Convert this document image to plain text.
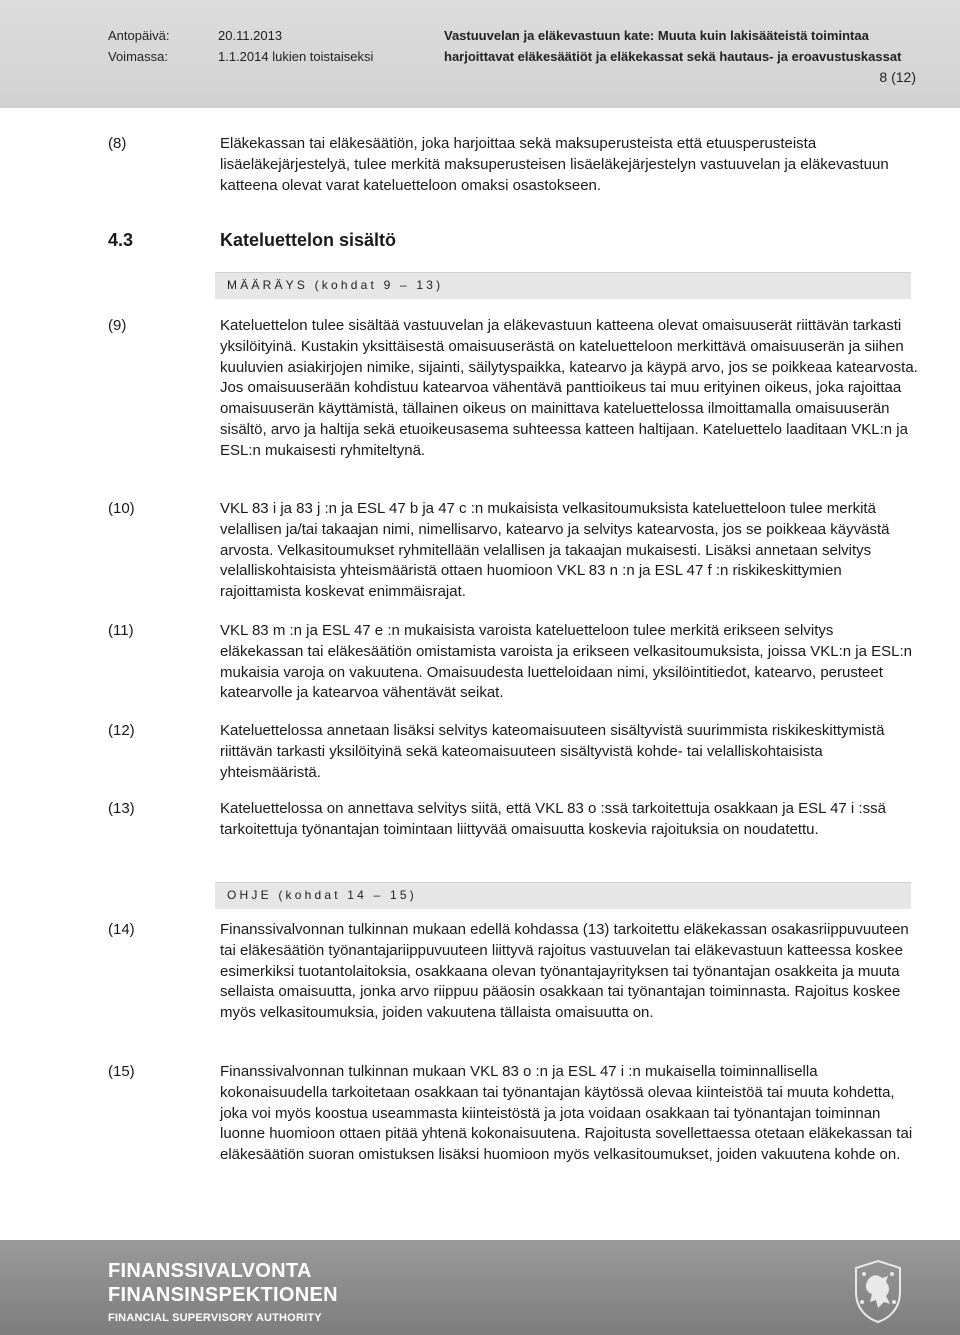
Antopäivä:	20.11.2013
Voimassa:	1.1.2014 lukien toistaiseksi
Vastuuvelan ja eläkevastuun kate: Muuta kuin lakisääteistä toimintaa
harjoittavat eläkesäätiöt ja eläkekassat sekä hautaus- ja eroavustuskassat
8 (12)
(8)	Eläkekassan tai eläkesäätiön, joka harjoittaa sekä maksuperusteista että etuusperusteista lisäeläkejärjestelyä, tulee merkitä maksuperusteisen lisäeläkejärjestelyn vastuuvelan ja eläkevastuun katteena olevat varat kateluetteloon omaksi osastokseen.

4.3	Kateluettelon sisältö
MÄÄRÄYS (kohdat 9 – 13)
(9)	Kateluettelon tulee sisältää vastuuvelan ja eläkevastuun katteena olevat omaisuuserät riittävän tarkasti yksilöityinä. Kustakin yksittäisestä omaisuuserästä on kateluetteloon merkittävä omaisuuserän ja siihen kuuluvien asiakirjojen nimike, sijainti, säilytyspaikka, katearvo ja käypä arvo, jos se poikkeaa katearvosta. Jos omaisuuserään kohdistuu katearvoa vähentävä panttioikeus tai muu erityinen oikeus, joka rajoittaa omaisuuserän käyttämistä, tällainen oikeus on mainittava kateluettelossa ilmoittamalla omaisuuserän sisältö, arvo ja haltija sekä etuoikeusasema suhteessa katteen haltijaan. Kateluettelo laaditaan VKL:n ja ESL:n mukaisesti ryhmiteltynä.

(10)	VKL 83 i ja 83 j :n ja ESL 47 b ja 47 c :n mukaisista velkasitoumuksista kateluetteloon tulee merkitä velallisen ja/tai takaajan nimi, nimellisarvo, katearvo ja selvitys katearvosta, jos se poikkeaa käyvästä arvosta. Velkasitoumukset ryhmitellään velallisen ja takaajan mukaisesti. Lisäksi annetaan selvitys velalliskohtaisista yhteismääristä ottaen huomioon VKL 83 n :n ja ESL 47 f :n riskikeskittymien rajoittamista koskevat enimmäisrajat.

(11)	VKL 83 m :n ja ESL 47 e :n mukaisista varoista kateluetteloon tulee merkitä erikseen selvitys eläkekassan tai eläkesäätiön omistamista varoista ja erikseen velkasitoumuksista, joissa VKL:n ja ESL:n mukaisia varoja on vakuutena. Omaisuudesta luetteloidaan nimi, yksilöintitiedot, katearvo, perusteet katearvolle ja katearvoa vähentävät seikat.

(12)	Kateluettelossa annetaan lisäksi selvitys kateomaisuuteen sisältyvistä suurimmista riskikeskittymistä riittävän tarkasti yksilöityinä sekä kateomaisuuteen sisältyvistä kohde- tai velalliskohtaisista yhteismääristä.

(13)	Kateluettelossa on annettava selvitys siitä, että VKL 83 o :ssä tarkoitettuja osakkaan ja ESL 47 i :ssä tarkoitettuja työnantajan toimintaan liittyvää omaisuutta koskevia rajoituksia on noudatettu.

OHJE (kohdat 14 – 15)
(14)	Finanssivalvonnan tulkinnan mukaan edellä kohdassa (13) tarkoitettu eläkekassan osakasriippuvuuteen tai eläkesäätiön työnantajariippuvuuteen liittyvä rajoitus vastuuvelan tai eläkevastuun katteessa koskee esimerkiksi tuotantolaitoksia, osakkaana olevan työnantajayrityksen tai työnantajan osakkeita ja muuta sellaista omaisuutta, jonka arvo riippuu pääosin osakkaan tai työnantajan toiminnasta. Rajoitus koskee myös velkasitoumuksia, joiden vakuutena tällaista omaisuutta on.

(15)	Finanssivalvonnan tulkinnan mukaan VKL 83 o :n ja ESL 47 i :n mukaisella toiminnallisella kokonaisuudella tarkoitetaan osakkaan tai työnantajan käytössä olevaa kiinteistöä tai muuta kohdetta, joka voi myös koostua useammasta kiinteistöstä ja jota voidaan osakkaan tai työnantajan toiminnan luonne huomioon ottaen pitää yhtenä kokonaisuutena. Rajoitusta sovellettaessa otetaan eläkekassan tai eläkesäätiön suoran omistuksen lisäksi huomioon myös velkasitoumukset, joiden vakuutena kohde on.

FINANSSIVALVONTA
FINANSINSPEKTIONEN
FINANCIAL SUPERVISORY AUTHORITY
